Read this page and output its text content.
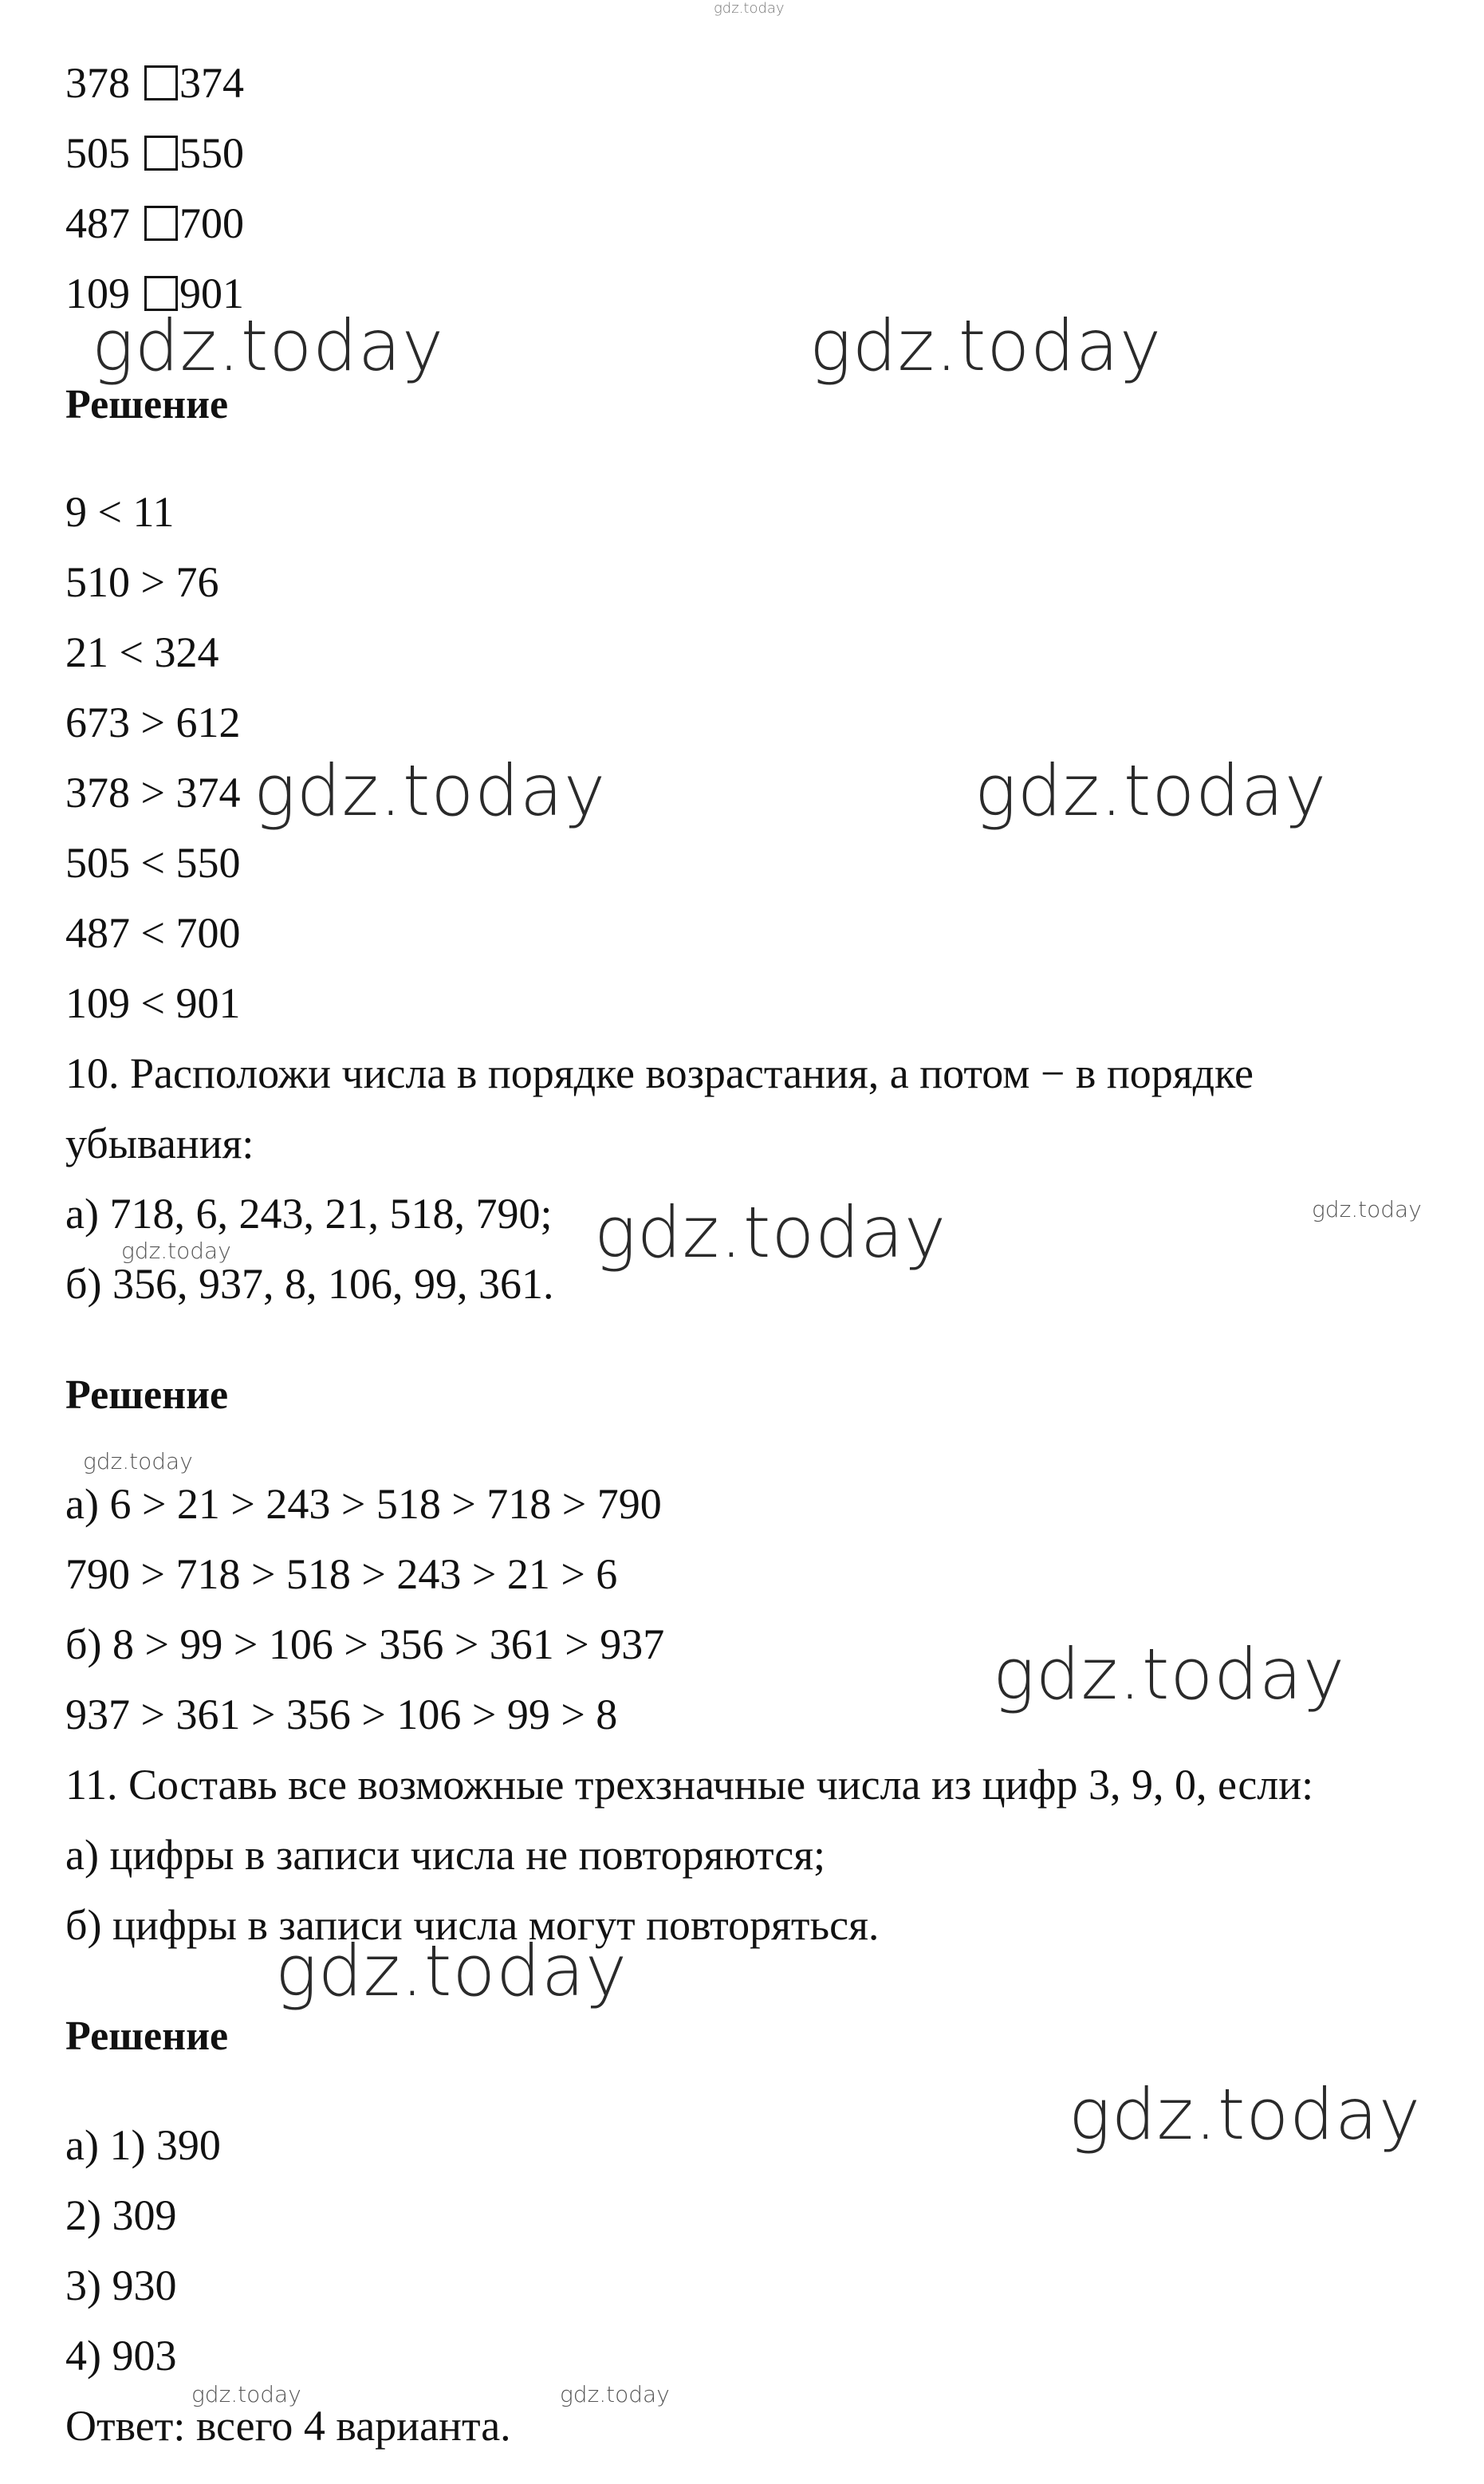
gdz.today
378 374
505 550
487 700
109 901
gdz.today	gdz.today
Решение
9 < 11
510 > 76
21 < 324
673 > 612
378 > 374
505 < 550
487 < 700
109 < 901
gdz.today	gdz.today
10. Расположи числа в порядке возрастания, а потом − в порядке
убывания:
а) 718, 6, 243, 21, 518, 790;
б) 356, 937, 8, 106, 99, 361.
gdz.today	gdz.today
gdz.today
Решение
gdz.today
а) 6 > 21 > 243 > 518 > 718 > 790
790 > 718 > 518 > 243 > 21 > 6
б) 8 > 99 > 106 > 356 > 361 > 937
937 > 361 > 356 > 106 > 99 > 8	gdz.today
11. Составь все возможные трехзначные числа из цифр 3, 9, 0, если:
а) цифры в записи числа не повторяются;
б) цифры в записи числа могут повторяться.
gdz.today
Решение
gdz.today
а) 1) 390
2) 309
3) 930
4) 903
gdz.today	gdz.today
Ответ: всего 4 варианта.
